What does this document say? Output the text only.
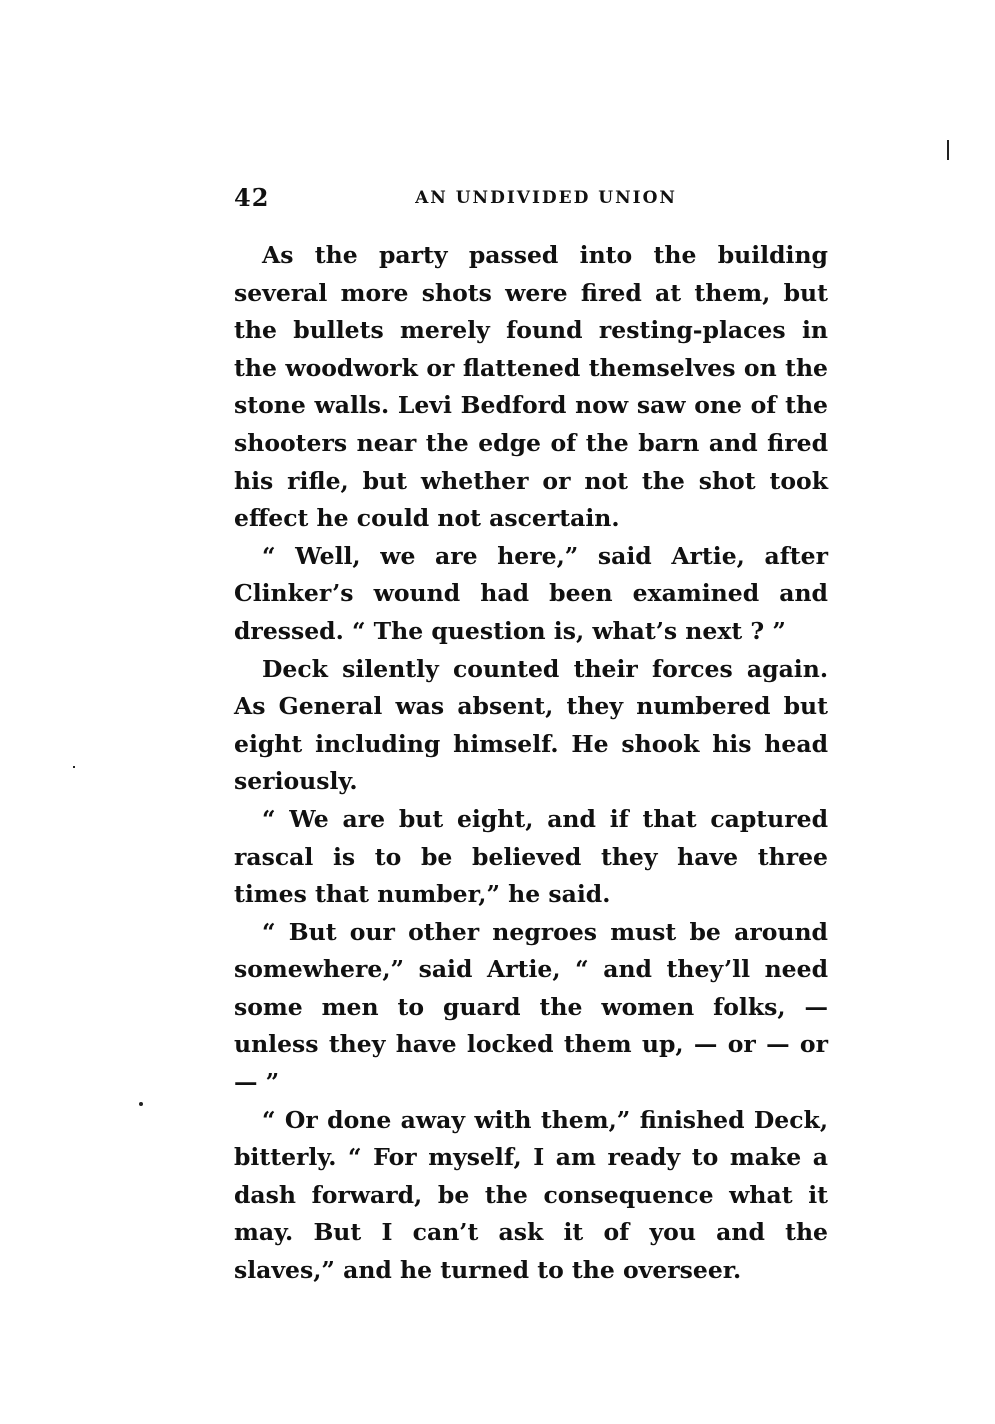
42	AN UNDIVIDED UNION

As the party passed into the building several more shots were fired at them, but the bullets merely found resting-places in the woodwork or flattened themselves on the stone walls. Levi Bedford now saw one of the shooters near the edge of the barn and fired his rifle, but whether or not the shot took effect he could not ascertain.

“ Well, we are here,” said Artie, after Clinker’s wound had been examined and dressed. “ The question is, what’s next ? ”

Deck silently counted their forces again. As General was absent, they numbered but eight including himself. He shook his head seriously.

“ We are but eight, and if that captured rascal is to be believed they have three times that number,” he said.

“ But our other negroes must be around somewhere,” said Artie, “ and they’ll need some men to guard the women folks, — unless they have locked them up, — or — or — ”

“ Or done away with them,” finished Deck, bitterly. “ For myself, I am ready to make a dash forward, be the consequence what it may. But I can’t ask it of you and the slaves,” and he turned to the overseer.
